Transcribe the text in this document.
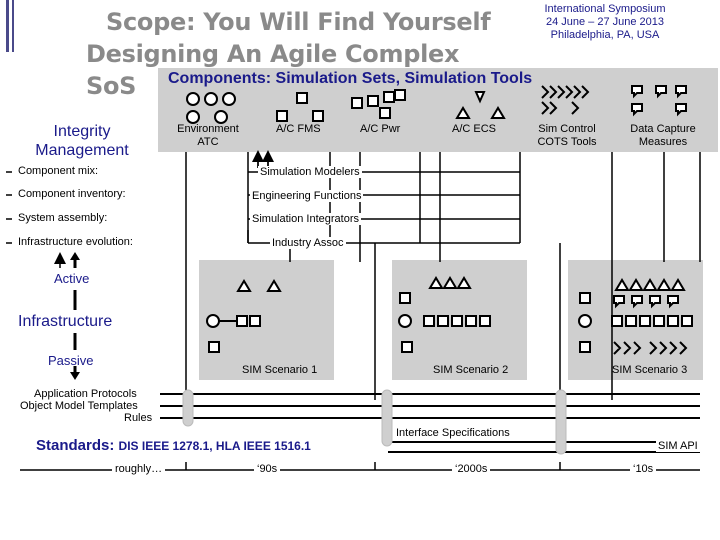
Scope: You Will Find Yourself
Designing An Agile Complex SoS
International Symposium
24 June – 27 June 2013
Philadelphia, PA, USA
Components: Simulation Sets, Simulation Tools
Integrity Management
Environment
ATC
A/C FMS	A/C Pwr	A/C ECS	Sim Control
COTS Tools
Data Capture
Measures
Component mix:
Component inventory:
System assembly:
Infrastructure evolution:
Simulation Modelers
Engineering Functions
Simulation Integrators
Industry Assoc
Active
Infrastructure
Passive
SIM Scenario 1	SIM Scenario 2	SIM Scenario 3
Application Protocols
Object Model Templates
Rules
Interface Specifications
SIM API
Standards: DIS IEEE 1278.1, HLA IEEE 1516.1
roughly…	‘90s	‘2000s	‘10s
